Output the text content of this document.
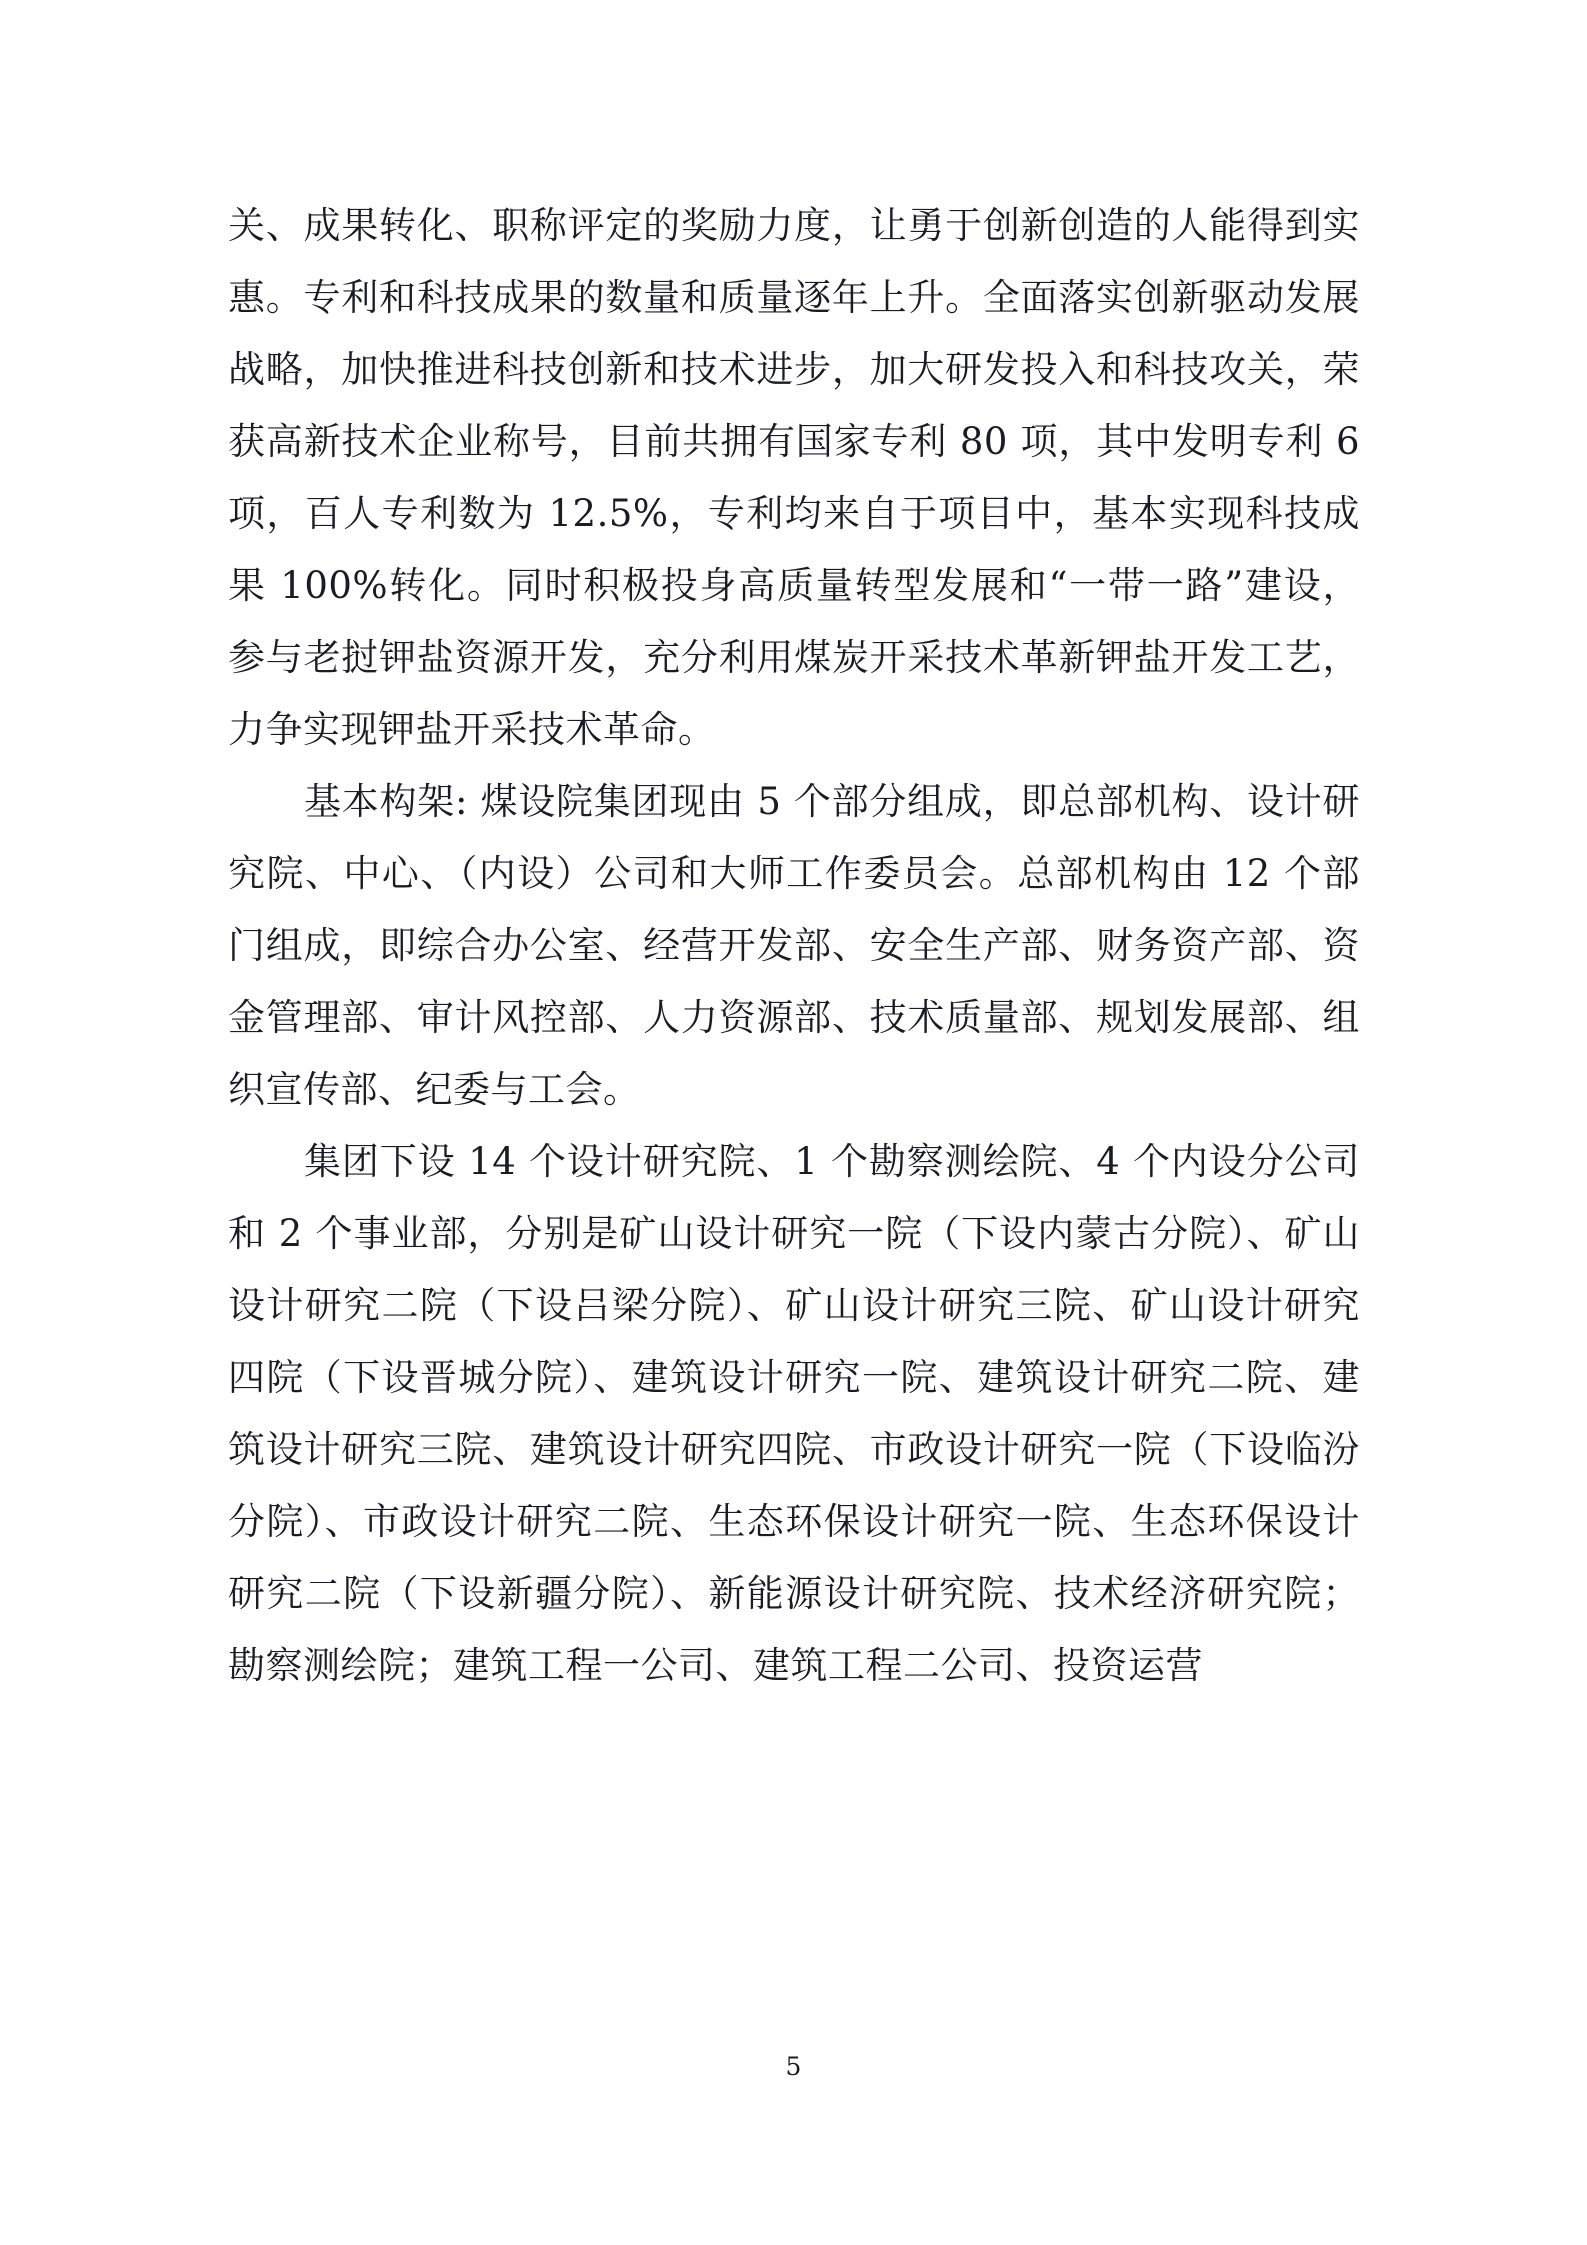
关、成果转化、职称评定的奖励力度，让勇于创新创造的人能得到实惠。专利和科技成果的数量和质量逐年上升。全面落实创新驱动发展战略，加快推进科技创新和技术进步，加大研发投入和科技攻关，荣获高新技术企业称号，目前共拥有国家专利 80 项，其中发明专利 6 项，百人专利数为 12.5%，专利均来自于项目中，基本实现科技成果 100%转化。同时积极投身高质量转型发展和“一带一路”建设，参与老挝钾盐资源开发，充分利用煤炭开采技术革新钾盐开发工艺，力争实现钾盐开采技术革命。

基本构架: 煤设院集团现由 5 个部分组成，即总部机构、设计研究院、中心、（内设）公司和大师工作委员会。总部机构由 12 个部门组成，即综合办公室、经营开发部、安全生产部、财务资产部、资金管理部、审计风控部、人力资源部、技术质量部、规划发展部、组织宣传部、纪委与工会。

集团下设 14 个设计研究院、1 个勘察测绘院、4 个内设分公司和 2 个事业部，分别是矿山设计研究一院（下设内蒙古分院）、矿山设计研究二院（下设吕梁分院）、矿山设计研究三院、矿山设计研究四院（下设晋城分院）、建筑设计研究一院、建筑设计研究二院、建筑设计研究三院、建筑设计研究四院、市政设计研究一院（下设临汾分院）、市政设计研究二院、生态环保设计研究一院、生态环保设计研究二院（下设新疆分院）、新能源设计研究院、技术经济研究院；勘察测绘院；建筑工程一公司、建筑工程二公司、投资运营

5
